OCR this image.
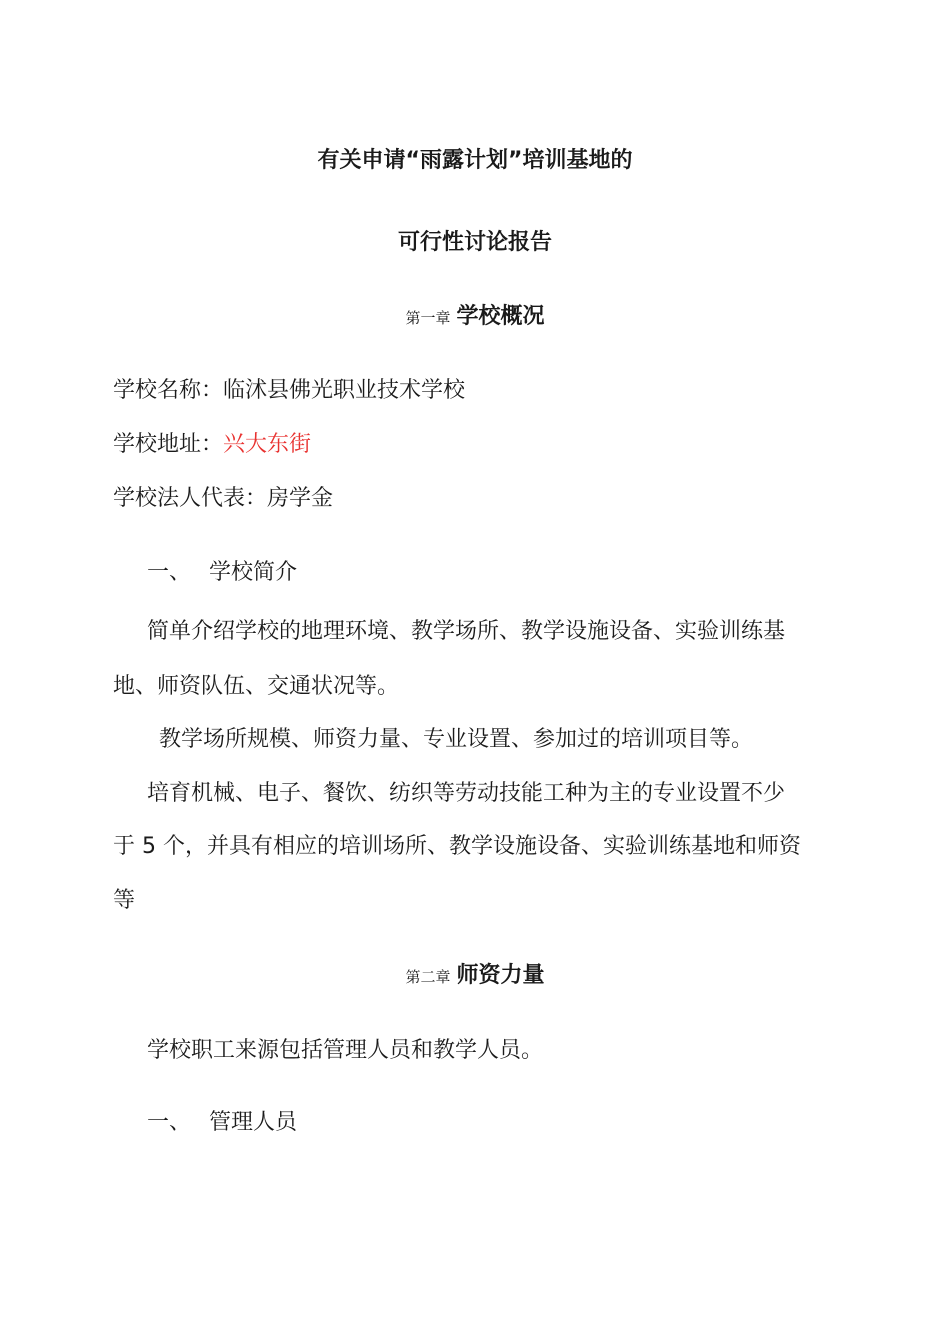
有关申请“雨露计划”培训基地的
可行性讨论报告
第一章 学校概况
学校名称：临沭县佛光职业技术学校
学校地址：兴大东街
学校法人代表：房学金
一、 学校简介
简单介绍学校的地理环境、教学场所、教学设施设备、实验训练基
地、师资队伍、交通状况等。
教学场所规模、师资力量、专业设置、参加过的培训项目等。
培育机械、电子、餐饮、纺织等劳动技能工种为主的专业设置不少
于 5 个，并具有相应的培训场所、教学设施设备、实验训练基地和师资
等
第二章 师资力量
学校职工来源包括管理人员和教学人员。
一、 管理人员
